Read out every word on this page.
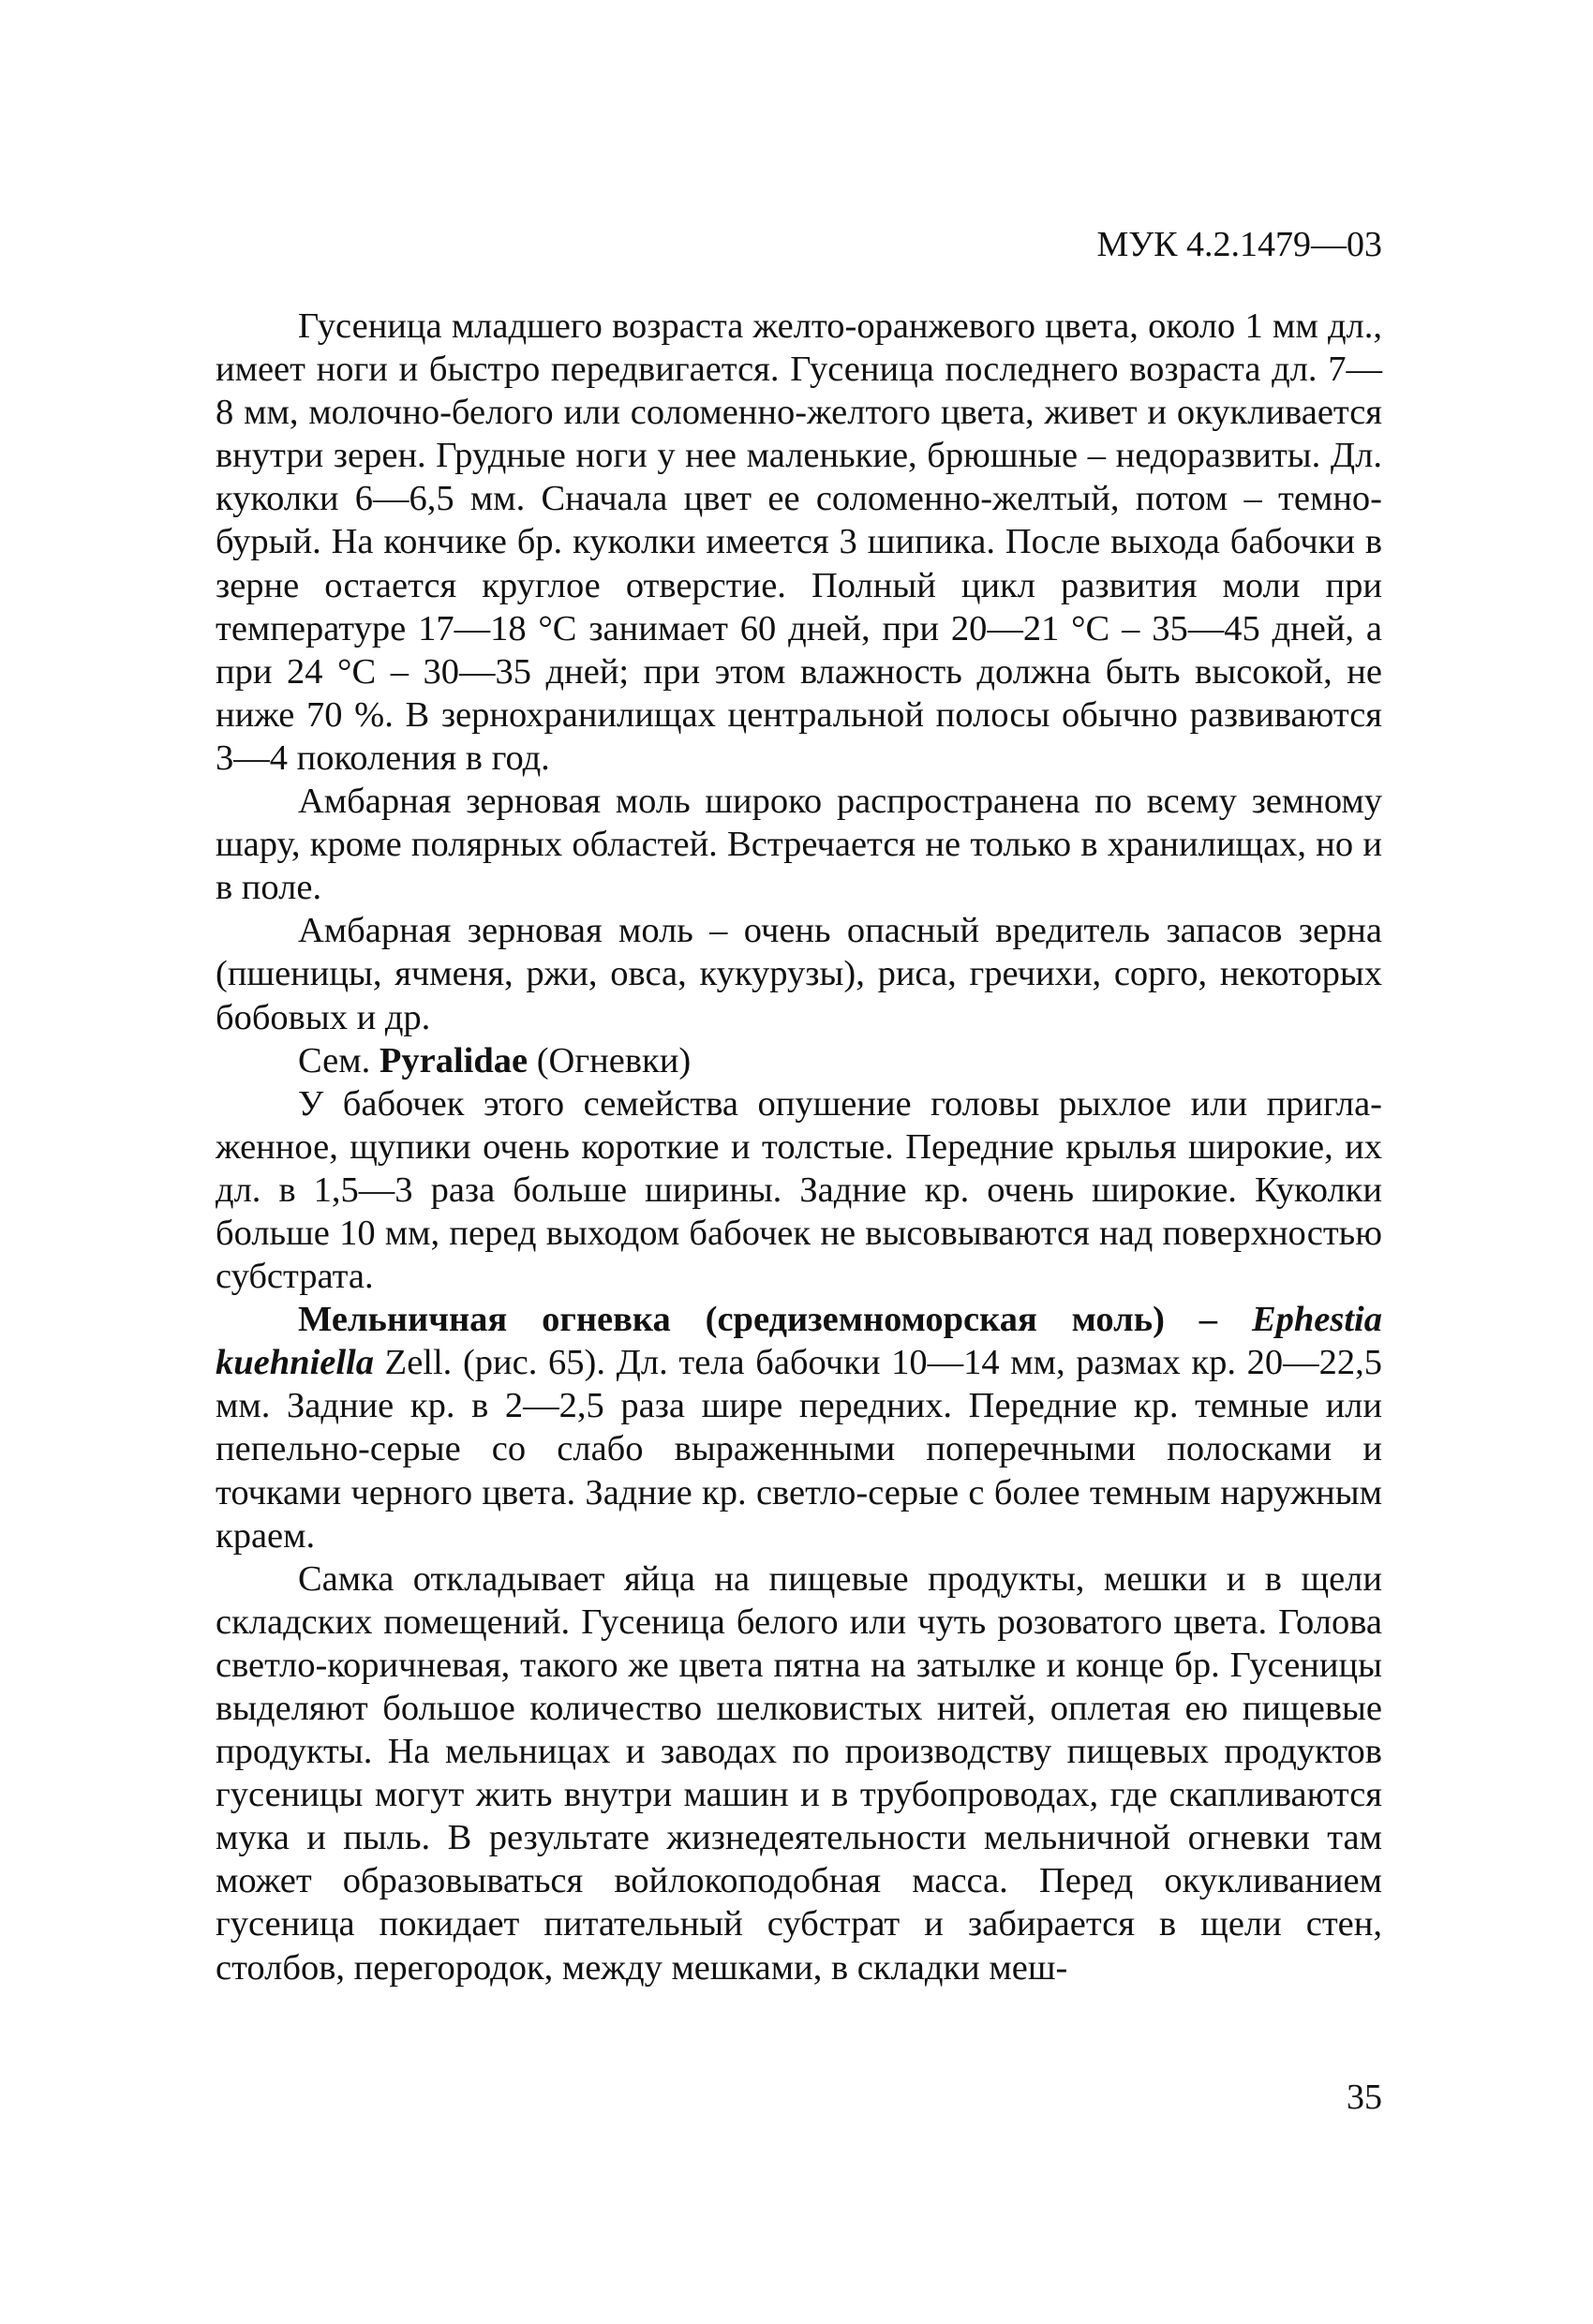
МУК 4.2.1479—03

Гусеница младшего возраста желто-оранжевого цвета, около 1 мм дл., имеет ноги и быстро передвигается. Гусеница последнего возраста дл. 7—8 мм, молочно-белого или соломенно-желтого цвета, живет и окукливается внутри зерен. Грудные ноги у нее маленькие, брюшные – недоразвиты. Дл. куколки 6—6,5 мм. Сначала цвет ее соломенно-желтый, потом – темно-бурый. На кончике бр. куколки имеется 3 шипика. После выхода бабочки в зерне остается круглое отверстие. Полный цикл развития моли при температуре 17—18 °С занимает 60 дней, при 20—21 °С – 35—45 дней, а при 24 °С – 30—35 дней; при этом влажность должна быть высокой, не ниже 70 %. В зернохранилищах центральной полосы обычно развиваются 3—4 поколения в год.

Амбарная зерновая моль широко распространена по всему земному шару, кроме полярных областей. Встречается не только в хранилищах, но и в поле.

Амбарная зерновая моль – очень опасный вредитель запасов зерна (пшеницы, ячменя, ржи, овса, кукурузы), риса, гречихи, сорго, некоторых бобовых и др.

Сем. Pyralidae (Огневки)

У бабочек этого семейства опушение головы рыхлое или приглаженное, щупики очень короткие и толстые. Передние крылья широкие, их дл. в 1,5—3 раза больше ширины. Задние кр. очень широкие. Куколки больше 10 мм, перед выходом бабочек не высовываются над поверхностью субстрата.

Мельничная огневка (средиземноморская моль) – Ephestia kuehniella Zell. (рис. 65). Дл. тела бабочки 10—14 мм, размах кр. 20—22,5 мм. Задние кр. в 2—2,5 раза шире передних. Передние кр. темные или пепельно-серые со слабо выраженными поперечными полосками и точками черного цвета. Задние кр. светло-серые с более темным наружным краем.

Самка откладывает яйца на пищевые продукты, мешки и в щели складских помещений. Гусеница белого или чуть розоватого цвета. Голова светло-коричневая, такого же цвета пятна на затылке и конце бр. Гусеницы выделяют большое количество шелковистых нитей, оплетая ею пищевые продукты. На мельницах и заводах по производству пищевых продуктов гусеницы могут жить внутри машин и в трубопроводах, где скапливаются мука и пыль. В результате жизнедеятельности мельничной огневки там может образовываться войлокоподобная масса. Перед окукливанием гусеница покидает питательный субстрат и забирается в щели стен, столбов, перегородок, между мешками, в складки меш-

35
